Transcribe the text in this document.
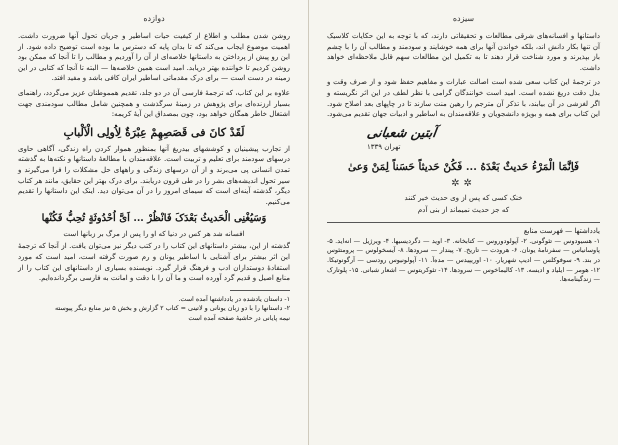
دوازده

روشن شدن مطلب و اطلاع از کیفیت حیات اساطیر و جریان تحول آنها ضرورت داشت. اهمیت موضوع ایجاب می‌کند که تا بدان پایه که دسترس ما بوده است توضیح داده شود. از این رو پیش از پرداختن به داستانها خلاصه‌ای از آن را آوردیم و مطالب را تا آنجا که ممکن بود روشن کردیم تا خواننده بهتر دریابد. امید است همین خلاصه‌ها — البته تا آنجا که کتابی در این زمینه در دست است — برای درک مقدماتی اساطیر ایران کافی باشد و مفید افتد.

علاوه بر این کتاب، که ترجمهٔ فارسی آن در دو جلد، تقدیم همموطنان عزیز می‌گردد، راهنمای بسیار ارزنده‌ای برای پژوهش در زمینهٔ سرگذشت و همچنین شامل مطالب سودمندی جهت اشتغال خاطر همگان خواهد بود، چون بمصداق این آیهٔ کریمه:

لَقَدْ کانَ فی قَصَصِهِمْ عِبْرَةٌ لِاُولِی الْاَلْبابِ

از تجارب پیشینیان و کوششهای بیدریغ آنها بمنظور هموار کردن راه زندگی، آگاهی حاوی درسهای سودمند برای تعلیم و تربیت است. علاقه‌مندان با مطالعهٔ داستانها و نکته‌ها به گذشته تمدن انسانی پی می‌برند و از آن درسهای زندگی و راههای حل مشکلات را فرا می‌گیرند و سیر تحول اندیشه‌های بشر را در طی قرون دریابند. برای درک بهتر این حقایق، مانند هر کتاب دیگر، گذشته آینه‌ای است که سیمای امروز را در آن می‌توان دید. اینک این داستانها را تقدیم می‌کنیم.

وَسَیُغْنِی الْحَدیثُ بَعْدَکَ فَانْظُرْ ... اَیَّ اُحْدُوثَةٍ تُحِبُّ فَکُنْها
افسانه شد هر کس در دنیا که او را پس از مرگ بر زبانها است

گذشته از این، بیشتر داستانهای این کتاب را در کتب دیگر نیز می‌توان یافت. از آنجا که ترجمهٔ این اثر بیشتر برای آشنایی با اساطیر یونان و رم صورت گرفته است، امید است که مورد استفادهٔ دوستداران ادب و فرهنگ قرار گیرد. نویسنده بسیاری از داستانهای این کتاب را از منابع اصیل و قدیم گرد آورده است و ما آن را با دقت و امانت به فارسی برگردانده‌ایم.

۱- داستان یادشده در یادداشتها آمده است.

۲- داستانها را با دو زبان یونانی و لاتینی = کتاب ۲ گزارش و بخش ۵ نیز منابع دیگر پیوسته

نیمه پایانی در حاشیهٔ صفحه آمده است

سیزده

داستانها و افسانه‌های شرقی مطالعات و تحقیقاتی دارند، که با توجه به این حکایات کلاسیک آن تنها بکار دانش اند، بلکه خواندن آنها برای همه خوشایند و سودمند و مطالب آن را با چشم باز بپذیرند و مورد شناخت قرار دهند تا به تکمیل این مطالعات سهم قابل ملاحظه‌ای خواهد داشت.

در ترجمهٔ این کتاب سعی شده است اصالت عبارات و مفاهیم حفظ شود و از صرف وقت و بذل دقت دریغ نشده است. امید است خوانندگان گرامی با نظر لطف در این اثر نگریسته و اگر لغزشی در آن بیابند، با تذکر آن مترجم را رهین منت سازند تا در چاپهای بعد اصلاح شود. این کتاب برای همه و بویژه دانشجویان و علاقه‌مندان به اساطیر و ادبیات جهان تقدیم می‌شود.

آبتین شعبانی
تهران ۱۳۳۹
فَاِنَّمَا الْمَرْءُ حَدیثٌ بَعْدَهُ ... فَکُنْ حَدیثاً حَسَناً لِمَنْ وَعیٰ
✲✲
خنک کسی که پس از وی حدیث خیر کنند
که جز حدیث نمیماند از بنی آدم
یادداشتها — فهرست منابع

۱- هسیودوس — تئوگونی. ۲- آپولودوروس — کتابخانه. ۳- اوید — دگردیسیها. ۴- ویرژیل — انه‌اید. ۵- پاوسانیاس — سفرنامهٔ یونان. ۶- هرودت — تاریخ. ۷- پیندار — سرودها. ۸- آیسخولوس — پرومتئوس در بند. ۹- سوفوکلس — ادیپ شهریار. ۱۰- اوریپیدس — مده‌آ. ۱۱- آپولونیوس رودسی — آرگونوتیکا. ۱۲- هومر — ایلیاد و ادیسه. ۱۳- کالیماخوس — سرودها. ۱۴- تئوکریتوس — اشعار شبانی. ۱۵- پلوتارک — زندگینامه‌ها.
